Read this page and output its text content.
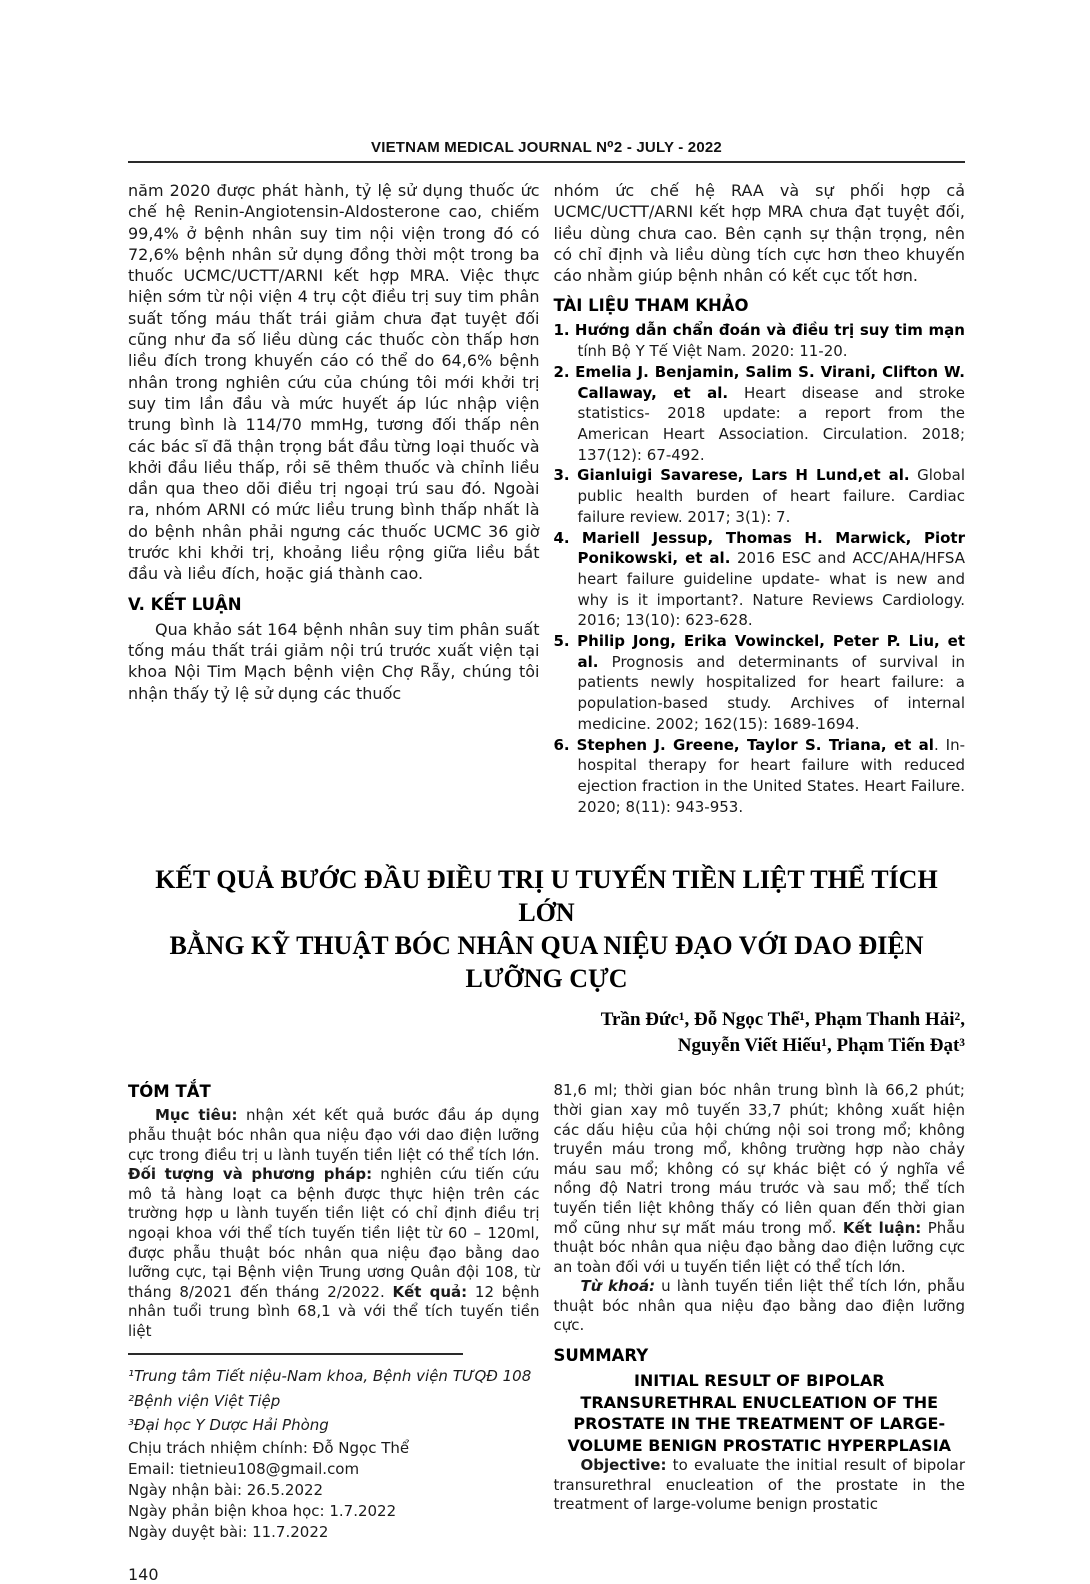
VIETNAM MEDICAL JOURNAL N⁰2 - JULY - 2022

năm 2020 được phát hành, tỷ lệ sử dụng thuốc ức chế hệ Renin-Angiotensin-Aldosterone cao, chiếm 99,4% ở bệnh nhân suy tim nội viện trong đó có 72,6% bệnh nhân sử dụng đồng thời một trong ba thuốc UCMC/UCTT/ARNI kết hợp MRA. Việc thực hiện sớm từ nội viện 4 trụ cột điều trị suy tim phân suất tống máu thất trái giảm chưa đạt tuyệt đối cũng như đa số liều dùng các thuốc còn thấp hơn liều đích trong khuyến cáo có thể do 64,6% bệnh nhân trong nghiên cứu của chúng tôi mới khởi trị suy tim lần đầu và mức huyết áp lúc nhập viện trung bình là 114/70 mmHg, tương đối thấp nên các bác sĩ đã thận trọng bắt đầu từng loại thuốc và khởi đầu liều thấp, rồi sẽ thêm thuốc và chỉnh liều dần qua theo dõi điều trị ngoại trú sau đó. Ngoài ra, nhóm ARNI có mức liều trung bình thấp nhất là do bệnh nhân phải ngưng các thuốc UCMC 36 giờ trước khi khởi trị, khoảng liều rộng giữa liều bắt đầu và liều đích, hoặc giá thành cao.

V. KẾT LUẬN

Qua khảo sát 164 bệnh nhân suy tim phân suất tống máu thất trái giảm nội trú trước xuất viện tại khoa Nội Tim Mạch bệnh viện Chợ Rẫy, chúng tôi nhận thấy tỷ lệ sử dụng các thuốc

nhóm ức chế hệ RAA và sự phối hợp cả UCMC/UCTT/ARNI kết hợp MRA chưa đạt tuyệt đối, liều dùng chưa cao. Bên cạnh sự thận trọng, nên có chỉ định và liều dùng tích cực hơn theo khuyến cáo nhằm giúp bệnh nhân có kết cục tốt hơn.

TÀI LIỆU THAM KHẢO
1. Hướng dẫn chẩn đoán và điều trị suy tim mạn tính Bộ Y Tế Việt Nam. 2020: 11-20.
2. Emelia J. Benjamin, Salim S. Virani, Clifton W. Callaway, et al. Heart disease and stroke statistics- 2018 update: a report from the American Heart Association. Circulation. 2018; 137(12): 67-492.
3. Gianluigi Savarese, Lars H Lund,et al. Global public health burden of heart failure. Cardiac failure review. 2017; 3(1): 7.
4. Mariell Jessup, Thomas H. Marwick, Piotr Ponikowski, et al. 2016 ESC and ACC/AHA/HFSA heart failure guideline update- what is new and why is it important?. Nature Reviews Cardiology. 2016; 13(10): 623-628.
5. Philip Jong, Erika Vowinckel, Peter P. Liu, et al. Prognosis and determinants of survival in patients newly hospitalized for heart failure: a population-based study. Archives of internal medicine. 2002; 162(15): 1689-1694.
6. Stephen J. Greene, Taylor S. Triana, et al. In-hospital therapy for heart failure with reduced ejection fraction in the United States. Heart Failure. 2020; 8(11): 943-953.
KẾT QUẢ BƯỚC ĐẦU ĐIỀU TRỊ U TUYẾN TIỀN LIỆT THỂ TÍCH LỚN
BẰNG KỸ THUẬT BÓC NHÂN QUA NIỆU ĐẠO VỚI DAO ĐIỆN LƯỠNG CỰC
Trần Đức¹, Đỗ Ngọc Thể¹, Phạm Thanh Hải²,
Nguyễn Viết Hiếu¹, Phạm Tiến Đạt³
TÓM TẮT

Mục tiêu: nhận xét kết quả bước đầu áp dụng phẫu thuật bóc nhân qua niệu đạo với dao điện lưỡng cực trong điều trị u lành tuyến tiền liệt có thể tích lớn. Đối tượng và phương pháp: nghiên cứu tiến cứu mô tả hàng loạt ca bệnh được thực hiện trên các trường hợp u lành tuyến tiền liệt có chỉ định điều trị ngoại khoa với thể tích tuyến tiền liệt từ 60 – 120ml, được phẫu thuật bóc nhân qua niệu đạo bằng dao lưỡng cực, tại Bệnh viện Trung ương Quân đội 108, từ tháng 8/2021 đến tháng 2/2022. Kết quả: 12 bệnh nhân tuổi trung bình 68,1 và với thể tích tuyến tiền liệt

¹Trung tâm Tiết niệu-Nam khoa, Bệnh viện TƯQĐ 108
²Bệnh viện Việt Tiệp
³Đại học Y Dược Hải Phòng
Chịu trách nhiệm chính: Đỗ Ngọc Thể
Email: tietnieu108@gmail.com
Ngày nhận bài: 26.5.2022
Ngày phản biện khoa học: 1.7.2022
Ngày duyệt bài: 11.7.2022
140

81,6 ml; thời gian bóc nhân trung bình là 66,2 phút; thời gian xay mô tuyến 33,7 phút; không xuất hiện các dấu hiệu của hội chứng nội soi trong mổ; không truyền máu trong mổ, không trường hợp nào chảy máu sau mổ; không có sự khác biệt có ý nghĩa về nồng độ Natri trong máu trước và sau mổ; thể tích tuyến tiền liệt không thấy có liên quan đến thời gian mổ cũng như sự mất máu trong mổ. Kết luận: Phẫu thuật bóc nhân qua niệu đạo bằng dao điện lưỡng cực an toàn đối với u tuyến tiền liệt có thể tích lớn.

Từ khoá: u lành tuyến tiền liệt thể tích lớn, phẫu thuật bóc nhân qua niệu đạo bằng dao điện lưỡng cực.

SUMMARY
INITIAL RESULT OF BIPOLAR TRANSURETHRAL ENUCLEATION OF THE PROSTATE IN THE TREATMENT OF LARGE-VOLUME BENIGN PROSTATIC HYPERPLASIA

Objective: to evaluate the initial result of bipolar transurethral enucleation of the prostate in the treatment of large-volume benign prostatic
